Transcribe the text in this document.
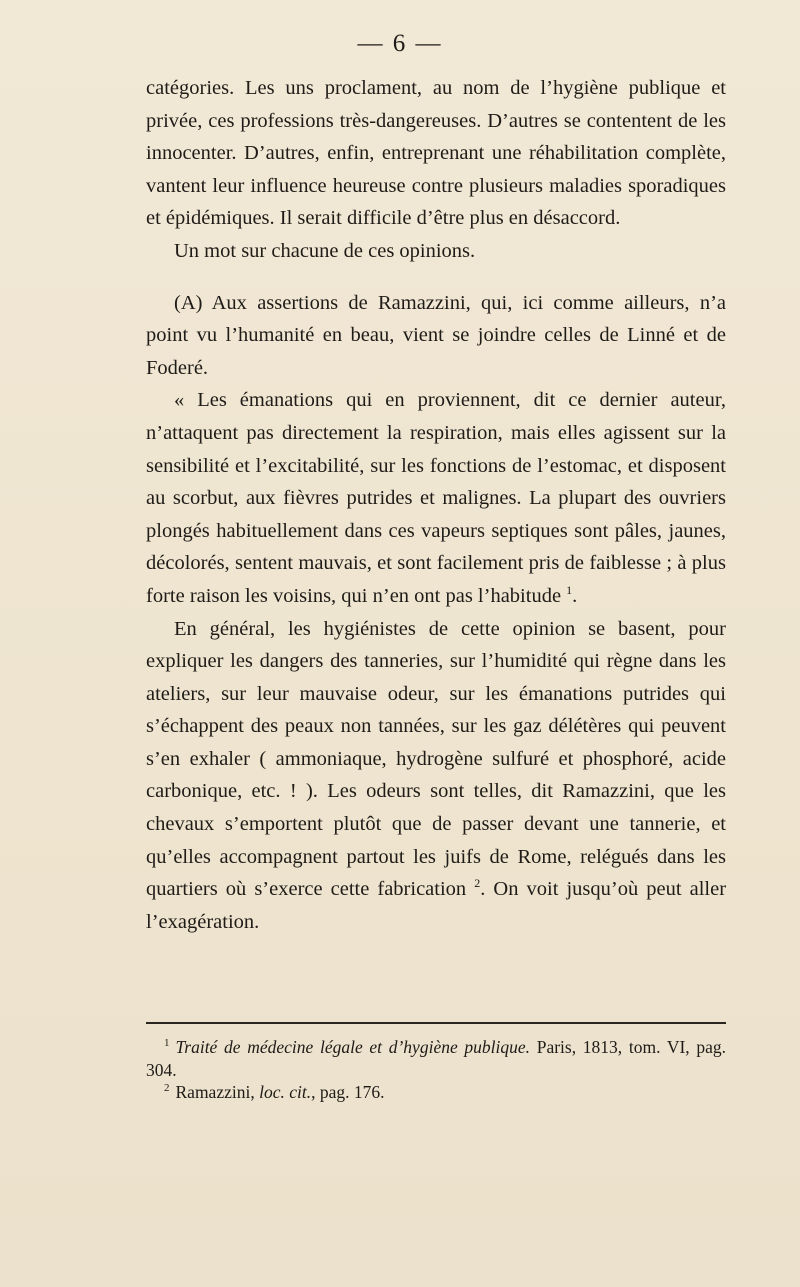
— 6 —

catégories. Les uns proclament, au nom de l’hygiène publique et privée, ces professions très-dangereuses. D’autres se contentent de les innocenter. D’autres, enfin, entreprenant une réhabilitation complète, vantent leur influence heureuse contre plusieurs maladies sporadiques et épidémiques. Il serait difficile d’être plus en désaccord.

Un mot sur chacune de ces opinions.

(A) Aux assertions de Ramazzini, qui, ici comme ailleurs, n’a point vu l’humanité en beau, vient se joindre celles de Linné et de Foderé.

« Les émanations qui en proviennent, dit ce dernier auteur, n’attaquent pas directement la respiration, mais elles agissent sur la sensibilité et l’excitabilité, sur les fonctions de l’estomac, et disposent au scorbut, aux fièvres putrides et malignes. La plupart des ouvriers plongés habituellement dans ces vapeurs septiques sont pâles, jaunes, décolorés, sentent mauvais, et sont facilement pris de faiblesse ; à plus forte raison les voisins, qui n’en ont pas l’habitude $^1$.

En général, les hygiénistes de cette opinion se basent, pour expliquer les dangers des tanneries, sur l’humidité qui règne dans les ateliers, sur leur mauvaise odeur, sur les émanations putrides qui s’échappent des peaux non tannées, sur les gaz délétères qui peuvent s’en exhaler ( ammoniaque, hydrogène sulfuré et phosphoré, acide carbonique, etc. ! ). Les odeurs sont telles, dit Ramazzini, que les chevaux s’emportent plutôt que de passer devant une tannerie, et qu’elles accompagnent partout les juifs de Rome, relégués dans les quartiers où s’exerce cette fabrication $^2$. On voit jusqu’où peut aller l’exagération.

$^1$ Traité de médecine légale et d’hygiène publique. Paris, 1813, tom. VI, pag. 304.

$^2$ Ramazzini, loc. cit., pag. 176.
